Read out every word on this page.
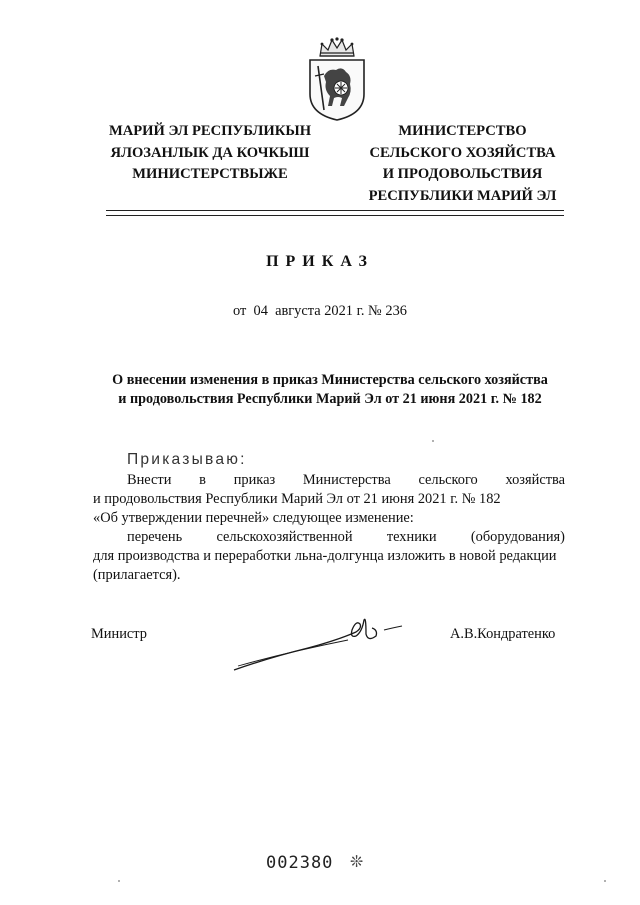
МАРИЙ ЭЛ РЕСПУБЛИКЫН
ЯЛОЗАНЛЫК ДА КОЧКЫШ
МИНИСТЕРСТВЫЖЕ
МИНИСТЕРСТВО
СЕЛЬСКОГО ХОЗЯЙСТВА
И ПРОДОВОЛЬСТВИЯ
РЕСПУБЛИКИ МАРИЙ ЭЛ
ПРИКАЗ
от  04  августа 2021 г. № 236
О внесении изменения в приказ Министерства сельского хозяйства
и продовольствия Республики Марий Эл от 21 июня 2021 г. № 182
Приказываю:
Внести в приказ Министерства сельского хозяйства
и продовольствия Республики Марий Эл от 21 июня 2021 г. № 182
«Об утверждении перечней» следующее изменение:
перечень сельскохозяйственной техники (оборудования)
для производства и переработки льна-долгунца изложить в новой редакции
(прилагается).
Министр	А.В.Кондратенко
002380 ❊
